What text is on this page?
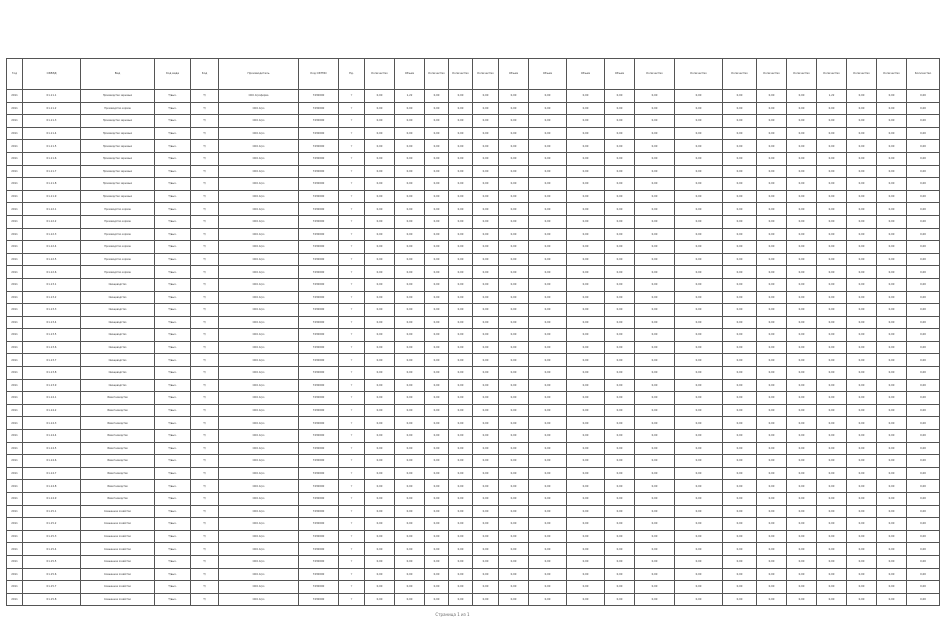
Год	ОКВЭД	Вид	Код вида	Код	Производитель	Код ОКТМО	Ед.	Количество	Объем	Количество	Количество	Количество	Объем	Объем	Объем	Объем	Количество	Количество	Количество	Количество	Количество	Количество	Количество	Количество	Количество
2011	01.11.1	Производство зерновых	Т/вых.	Т/	ООО Агрофирма	7430000	т	0,00	1,22	0,00	0,00	0,00	0,00	0,00	0,00	0,00	0,00	0,00	0,00	0,00	0,00	1,22	0,00	0,00	0,00
2011	01.11.2	Производство кормов	Т/вых.	Т/	ООО Агро	7430000	т	0,00	0,00	0,00	0,00	0,00	0,00	0,00	0,00	0,00	0,00	0,00	0,00	0,00	0,00	0,00	0,00	0,00	0,00
2011	01.11.3	Производство зерновых	Т/вых.	Т/	ООО Агро	7430000	т	0,00	0,00	0,00	0,00	0,00	0,00	0,00	0,00	0,00	0,00	0,00	0,00	0,00	0,00	0,00	0,00	0,00	0,00
2011	01.11.4	Производство зерновых	Т/вых.	Т/	ООО Агро	7430000	т	0,00	0,00	0,00	0,00	0,00	0,00	0,00	0,00	0,00	0,00	0,00	0,00	0,00	0,00	0,00	0,00	0,00	0,00
2011	01.11.5	Производство зерновых	Т/вых.	Т/	ООО Агро	7430000	т	0,00	0,00	0,00	0,00	0,00	0,00	0,00	0,00	0,00	0,00	0,00	0,00	0,00	0,00	0,00	0,00	0,00	0,00
2011	01.11.6	Производство зерновых	Т/вых.	Т/	ООО Агро	7430000	т	0,00	0,00	0,00	0,00	0,00	0,00	0,00	0,00	0,00	0,00	0,00	0,00	0,00	0,00	0,00	0,00	0,00	0,00
2011	01.11.7	Производство зерновых	Т/вых.	Т/	ООО Агро	7430000	т	0,00	0,00	0,00	0,00	0,00	0,00	0,00	0,00	0,00	0,00	0,00	0,00	0,00	0,00	0,00	0,00	0,00	0,00
2011	01.11.8	Производство зерновых	Т/вых.	Т/	ООО Агро	7430000	т	0,00	0,00	0,00	0,00	0,00	0,00	0,00	0,00	0,00	0,00	0,00	0,00	0,00	0,00	0,00	0,00	0,00	0,00
2011	01.11.9	Производство зерновых	Т/вых.	Т/	ООО Агро	7430000	т	0,00	0,00	0,00	0,00	0,00	0,00	0,00	0,00	0,00	0,00	0,00	0,00	0,00	0,00	0,00	0,00	0,00	0,00
2011	01.12.1	Производство кормов	Т/вых.	Т/	ООО Агро	7430000	т	0,00	0,00	0,00	0,00	0,00	0,00	0,00	0,00	0,00	0,00	0,00	0,00	0,00	0,00	0,00	0,00	0,00	0,00
2011	01.12.2	Производство кормов	Т/вых.	Т/	ООО Агро	7430000	т	0,00	0,00	0,00	0,00	0,00	0,00	0,00	0,00	0,00	0,00	0,00	0,00	0,00	0,00	0,00	0,00	0,00	0,00
2011	01.12.3	Производство кормов	Т/вых.	Т/	ООО Агро	7430000	т	0,00	0,00	0,00	0,00	0,00	0,00	0,00	0,00	0,00	0,00	0,00	0,00	0,00	0,00	0,00	0,00	0,00	0,00
2011	01.12.4	Производство кормов	Т/вых.	Т/	ООО Агро	7430000	т	0,00	0,00	0,00	0,00	0,00	0,00	0,00	0,00	0,00	0,00	0,00	0,00	0,00	0,00	0,00	0,00	0,00	0,00
2011	01.12.5	Производство кормов	Т/вых.	Т/	ООО Агро	7430000	т	0,00	0,00	0,00	0,00	0,00	0,00	0,00	0,00	0,00	0,00	0,00	0,00	0,00	0,00	0,00	0,00	0,00	0,00
2011	01.12.6	Производство кормов	Т/вых.	Т/	ООО Агро	7430000	т	0,00	0,00	0,00	0,00	0,00	0,00	0,00	0,00	0,00	0,00	0,00	0,00	0,00	0,00	0,00	0,00	0,00	0,00
2011	01.13.1	Овощеводство	Т/вых.	Т/	ООО Агро	7430000	т	0,00	0,00	0,00	0,00	0,00	0,00	0,00	0,00	0,00	0,00	0,00	0,00	0,00	0,00	0,00	0,00	0,00	0,00
2011	01.13.2	Овощеводство	Т/вых.	Т/	ООО Агро	7430000	т	0,00	0,00	0,00	0,00	0,00	0,00	0,00	0,00	0,00	0,00	0,00	0,00	0,00	0,00	0,00	0,00	0,00	0,00
2011	01.13.3	Овощеводство	Т/вых.	Т/	ООО Агро	7430000	т	0,00	0,00	0,00	0,00	0,00	0,00	0,00	0,00	0,00	0,00	0,00	0,00	0,00	0,00	0,00	0,00	0,00	0,00
2011	01.13.4	Овощеводство	Т/вых.	Т/	ООО Агро	7430000	т	0,00	0,00	0,00	0,00	0,00	0,00	0,00	0,00	0,00	0,00	0,00	0,00	0,00	0,00	0,00	0,00	0,00	0,00
2011	01.13.5	Овощеводство	Т/вых.	Т/	ООО Агро	7430000	т	0,00	0,00	0,00	0,00	0,00	0,00	0,00	0,00	0,00	0,00	0,00	0,00	0,00	0,00	0,00	0,00	0,00	0,00
2011	01.13.6	Овощеводство	Т/вых.	Т/	ООО Агро	7430000	т	0,00	0,00	0,00	0,00	0,00	0,00	0,00	0,00	0,00	0,00	0,00	0,00	0,00	0,00	0,00	0,00	0,00	0,00
2011	01.13.7	Овощеводство	Т/вых.	Т/	ООО Агро	7430000	т	0,00	0,00	0,00	0,00	0,00	0,00	0,00	0,00	0,00	0,00	0,00	0,00	0,00	0,00	0,00	0,00	0,00	0,00
2011	01.13.8	Овощеводство	Т/вых.	Т/	ООО Агро	7430000	т	0,00	0,00	0,00	0,00	0,00	0,00	0,00	0,00	0,00	0,00	0,00	0,00	0,00	0,00	0,00	0,00	0,00	0,00
2011	01.13.9	Овощеводство	Т/вых.	Т/	ООО Агро	7430000	т	0,00	0,00	0,00	0,00	0,00	0,00	0,00	0,00	0,00	0,00	0,00	0,00	0,00	0,00	0,00	0,00	0,00	0,00
2011	01.14.1	Животноводство	Т/вых.	Т/	ООО Агро	7430000	т	0,00	0,00	0,00	0,00	0,00	0,00	0,00	0,00	0,00	0,00	0,00	0,00	0,00	0,00	0,00	0,00	0,00	0,00
2011	01.14.2	Животноводство	Т/вых.	Т/	ООО Агро	7430000	т	0,00	0,00	0,00	0,00	0,00	0,00	0,00	0,00	0,00	0,00	0,00	0,00	0,00	0,00	0,00	0,00	0,00	0,00
2011	01.14.3	Животноводство	Т/вых.	Т/	ООО Агро	7430000	т	0,00	0,00	0,00	0,00	0,00	0,00	0,00	0,00	0,00	0,00	0,00	0,00	0,00	0,00	0,00	0,00	0,00	0,00
2011	01.14.4	Животноводство	Т/вых.	Т/	ООО Агро	7430000	т	0,00	0,00	0,00	0,00	0,00	0,00	0,00	0,00	0,00	0,00	0,00	0,00	0,00	0,00	0,00	0,00	0,00	0,00
2011	01.14.5	Животноводство	Т/вых.	Т/	ООО Агро	7430000	т	0,00	0,00	0,00	0,00	0,00	0,00	0,00	0,00	0,00	0,00	0,00	0,00	0,00	0,00	0,00	0,00	0,00	0,00
2011	01.14.6	Животноводство	Т/вых.	Т/	ООО Агро	7430000	т	0,00	0,00	0,00	0,00	0,00	0,00	0,00	0,00	0,00	0,00	0,00	0,00	0,00	0,00	0,00	0,00	0,00	0,00
2011	01.14.7	Животноводство	Т/вых.	Т/	ООО Агро	7430000	т	0,00	0,00	0,00	0,00	0,00	0,00	0,00	0,00	0,00	0,00	0,00	0,00	0,00	0,00	0,00	0,00	0,00	0,00
2011	01.14.8	Животноводство	Т/вых.	Т/	ООО Агро	7430000	т	0,00	0,00	0,00	0,00	0,00	0,00	0,00	0,00	0,00	0,00	0,00	0,00	0,00	0,00	0,00	0,00	0,00	0,00
2011	01.14.9	Животноводство	Т/вых.	Т/	ООО Агро	7430000	т	0,00	0,00	0,00	0,00	0,00	0,00	0,00	0,00	0,00	0,00	0,00	0,00	0,00	0,00	0,00	0,00	0,00	0,00
2011	01.15.1	Смешанное хозяйство	Т/вых.	Т/	ООО Агро	7430000	т	0,00	0,00	0,00	0,00	0,00	0,00	0,00	0,00	0,00	0,00	0,00	0,00	0,00	0,00	0,00	0,00	0,00	0,00
2011	01.15.2	Смешанное хозяйство	Т/вых.	Т/	ООО Агро	7430000	т	0,00	0,00	0,00	0,00	0,00	0,00	0,00	0,00	0,00	0,00	0,00	0,00	0,00	0,00	0,00	0,00	0,00	0,00
2011	01.15.3	Смешанное хозяйство	Т/вых.	Т/	ООО Агро	7430000	т	0,00	0,00	0,00	0,00	0,00	0,00	0,00	0,00	0,00	0,00	0,00	0,00	0,00	0,00	0,00	0,00	0,00	0,00
2011	01.15.4	Смешанное хозяйство	Т/вых.	Т/	ООО Агро	7430000	т	0,00	0,00	0,00	0,00	0,00	0,00	0,00	0,00	0,00	0,00	0,00	0,00	0,00	0,00	0,00	0,00	0,00	0,00
2011	01.15.5	Смешанное хозяйство	Т/вых.	Т/	ООО Агро	7430000	т	0,00	0,00	0,00	0,00	0,00	0,00	0,00	0,00	0,00	0,00	0,00	0,00	0,00	0,00	0,00	0,00	0,00	0,00
2011	01.15.6	Смешанное хозяйство	Т/вых.	Т/	ООО Агро	7430000	т	0,00	0,00	0,00	0,00	0,00	0,00	0,00	0,00	0,00	0,00	0,00	0,00	0,00	0,00	0,00	0,00	0,00	0,00
2011	01.15.7	Смешанное хозяйство	Т/вых.	Т/	ООО Агро	7430000	т	0,00	0,00	0,00	0,00	0,00	0,00	0,00	0,00	0,00	0,00	0,00	0,00	0,00	0,00	0,00	0,00	0,00	0,00
2011	01.15.8	Смешанное хозяйство	Т/вых.	Т/	ООО Агро	7430000	т	0,00	0,00	0,00	0,00	0,00	0,00	0,00	0,00	0,00	0,00	0,00	0,00	0,00	0,00	0,00	0,00	0,00	0,00
Страница 1 из 1
